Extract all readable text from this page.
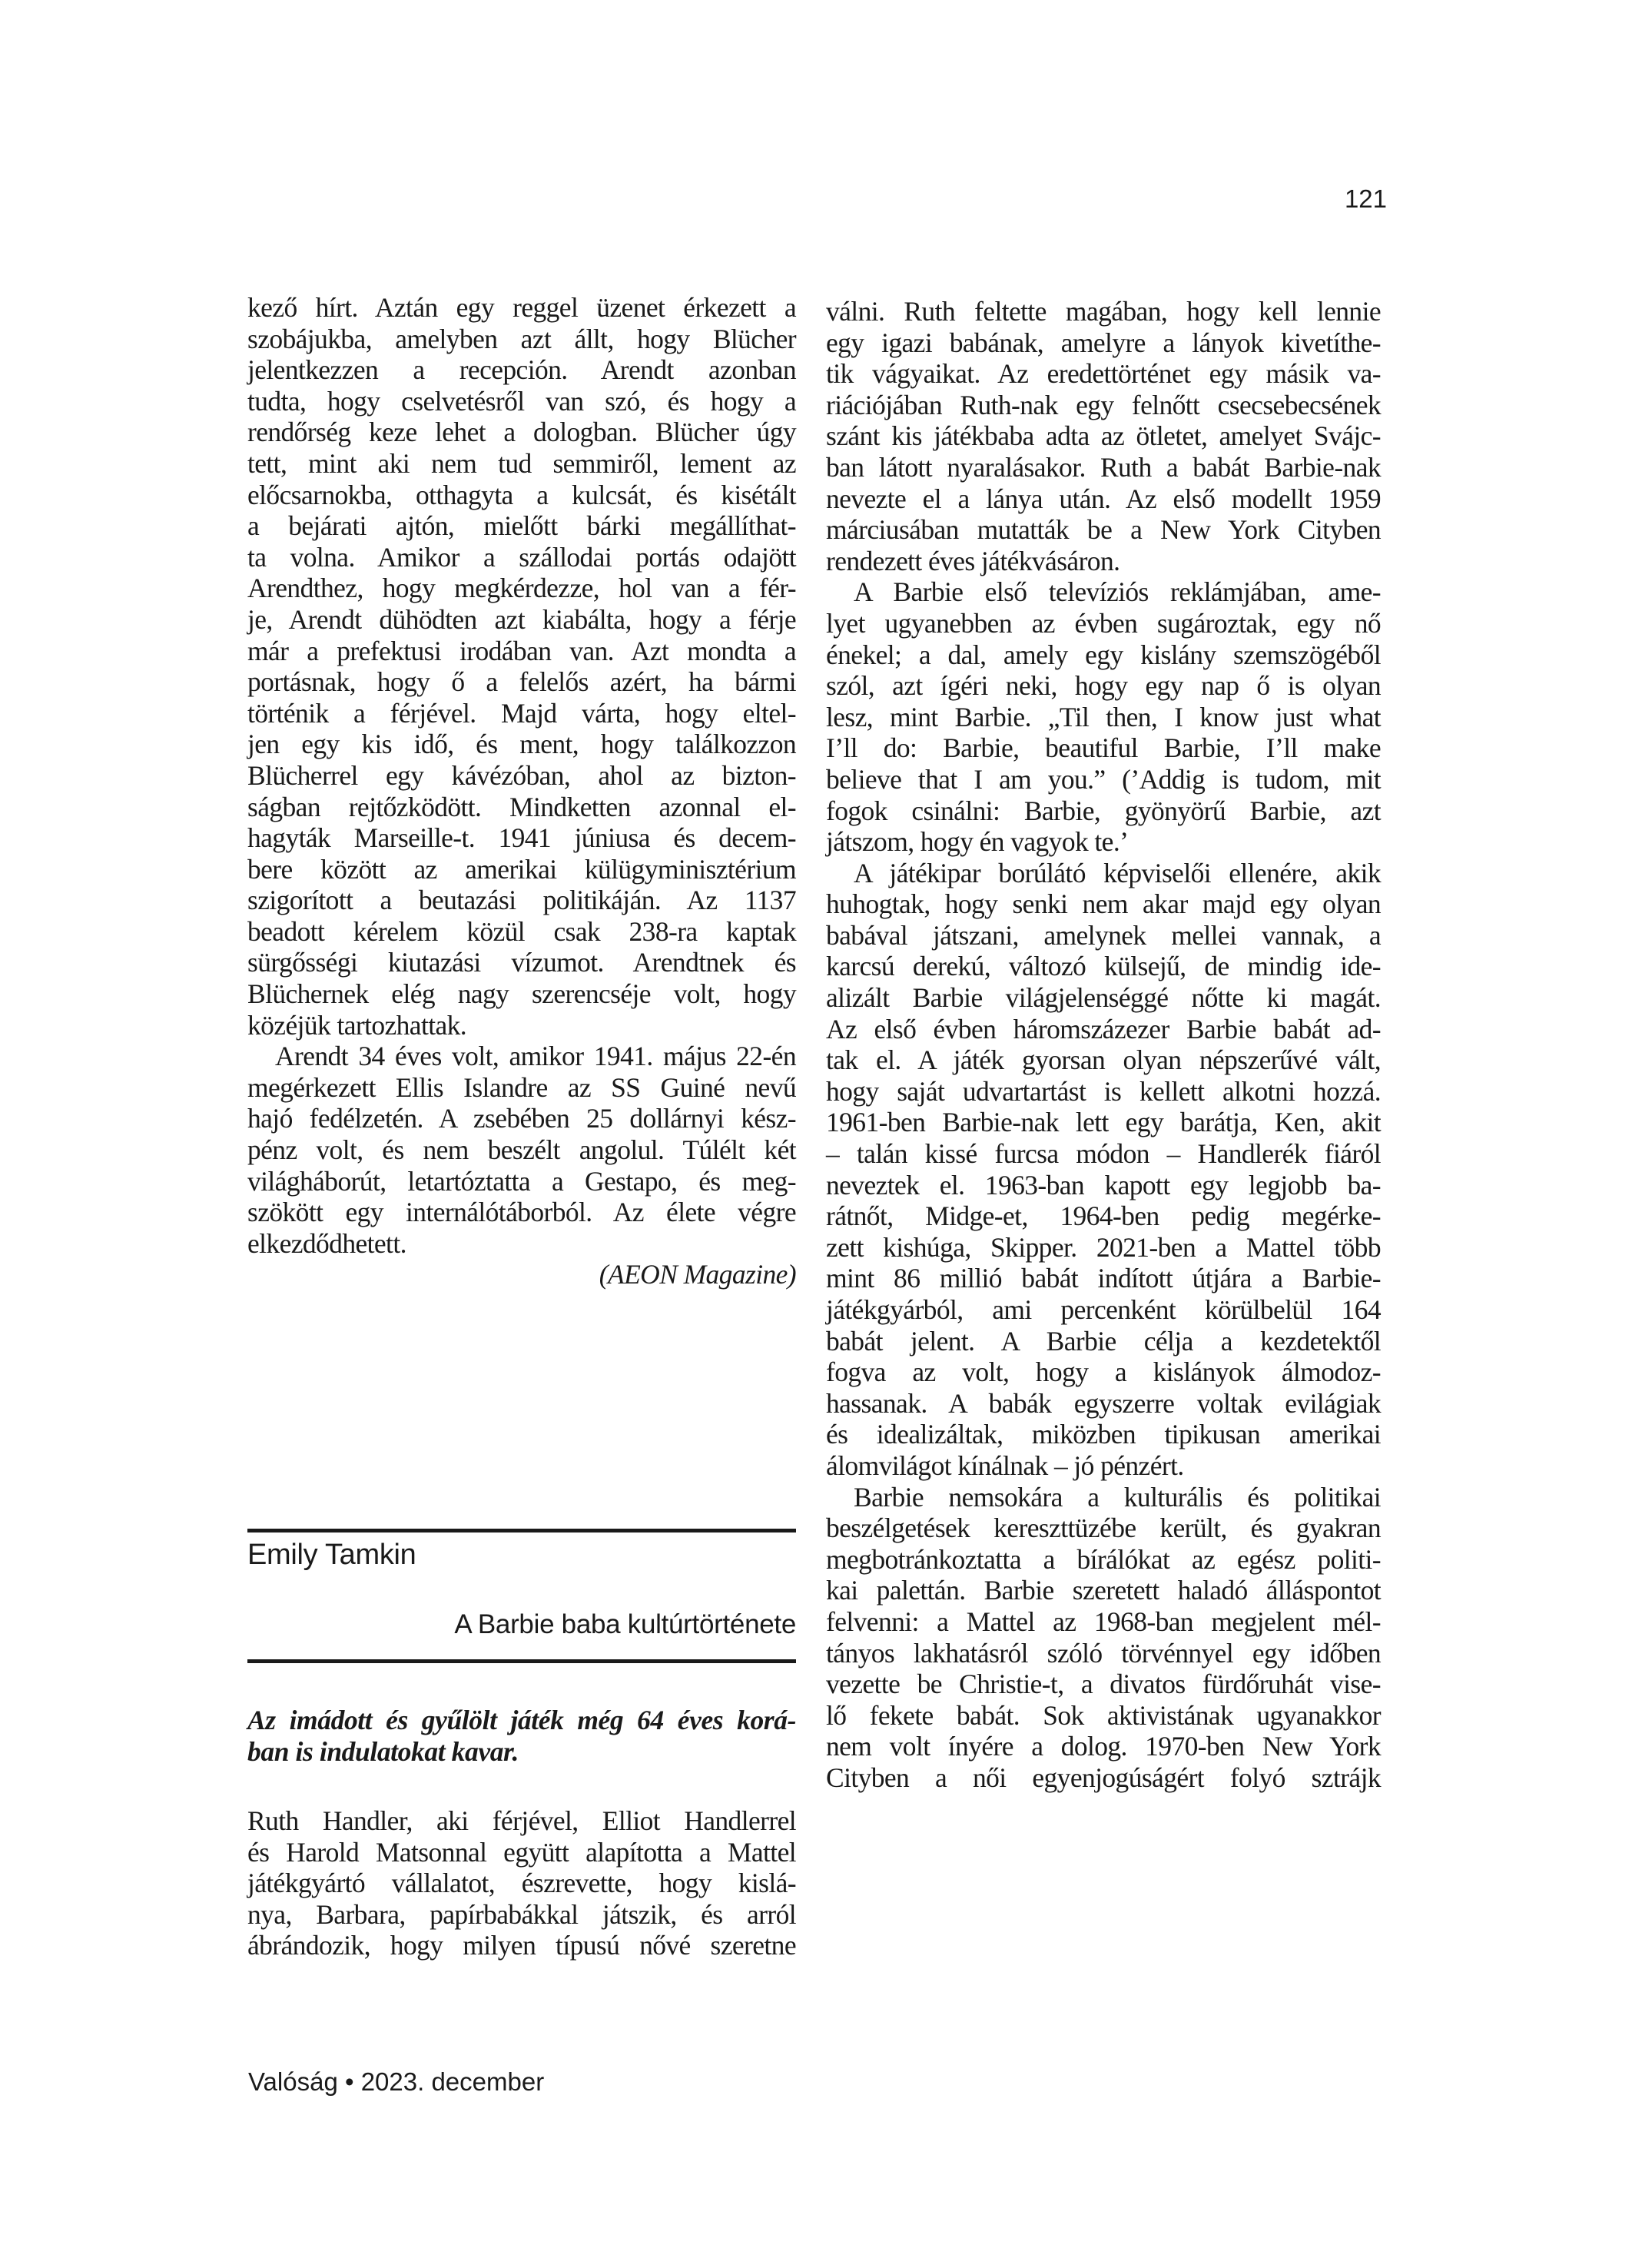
121
kező hírt. Aztán egy reggel üzenet érkezett a
szobájukba, amelyben azt állt, hogy Blücher
jelentkezzen a recepción. Arendt azonban
tudta, hogy cselvetésről van szó, és hogy a
rendőrség keze lehet a dologban. Blücher úgy
tett, mint aki nem tud semmiről, lement az
előcsarnokba, otthagyta a kulcsát, és kisétált
a bejárati ajtón, mielőtt bárki megállíthat-
ta volna. Amikor a szállodai portás odajött
Arendthez, hogy megkérdezze, hol van a fér-
je, Arendt dühödten azt kiabálta, hogy a férje
már a prefektusi irodában van. Azt mondta a
portásnak, hogy ő a felelős azért, ha bármi
történik a férjével. Majd várta, hogy eltel-
jen egy kis idő, és ment, hogy találkozzon
Blücherrel egy kávézóban, ahol az bizton-
ságban rejtőzködött. Mindketten azonnal el-
hagyták Marseille-t. 1941 júniusa és decem-
bere között az amerikai külügyminisztérium
szigorított a beutazási politikáján. Az 1137
beadott kérelem közül csak 238-ra kaptak
sürgősségi kiutazási vízumot. Arendtnek és
Blüchernek elég nagy szerencséje volt, hogy
közéjük tartozhattak.
Arendt 34 éves volt, amikor 1941. május 22-én
megérkezett Ellis Islandre az SS Guiné nevű
hajó fedélzetén. A zsebében 25 dollárnyi kész-
pénz volt, és nem beszélt angolul. Túlélt két
világháborút, letartóztatta a Gestapo, és meg-
szökött egy internálótáborból. Az élete végre
elkezdődhetett.
(AEON Magazine)
Emily Tamkin
A Barbie baba kultúrtörténete
Az imádott és gyűlölt játék még 64 éves korá-
ban is indulatokat kavar.
Ruth Handler, aki férjével, Elliot Handlerrel
és Harold Matsonnal együtt alapította a Mattel
játékgyártó vállalatot, észrevette, hogy kislá-
nya, Barbara, papírbabákkal játszik, és arról
ábrándozik, hogy milyen típusú nővé szeretne
válni. Ruth feltette magában, hogy kell lennie
egy igazi babának, amelyre a lányok kivetíthe-
tik vágyaikat. Az eredettörténet egy másik va-
riációjában Ruth-nak egy felnőtt csecsebecsének
szánt kis játékbaba adta az ötletet, amelyet Svájc-
ban látott nyaralásakor. Ruth a babát Barbie-nak
nevezte el a lánya után. Az első modellt 1959
márciusában mutatták be a New York Cityben
rendezett éves játékvásáron.
A Barbie első televíziós reklámjában, ame-
lyet ugyanebben az évben sugároztak, egy nő
énekel; a dal, amely egy kislány szemszögéből
szól, azt ígéri neki, hogy egy nap ő is olyan
lesz, mint Barbie. „Til then, I know just what
I’ll do: Barbie, beautiful Barbie, I’ll make
believe that I am you.” (’Addig is tudom, mit
fogok csinálni: Barbie, gyönyörű Barbie, azt
játszom, hogy én vagyok te.’
A játékipar borúlátó képviselői ellenére, akik
huhogtak, hogy senki nem akar majd egy olyan
babával játszani, amelynek mellei vannak, a
karcsú derekú, változó külsejű, de mindig ide-
alizált Barbie világjelenséggé nőtte ki magát.
Az első évben háromszázezer Barbie babát ad-
tak el. A játék gyorsan olyan népszerűvé vált,
hogy saját udvartartást is kellett alkotni hozzá.
1961-ben Barbie-nak lett egy barátja, Ken, akit
– talán kissé furcsa módon – Handlerék fiáról
neveztek el. 1963-ban kapott egy legjobb ba-
rátnőt, Midge-et, 1964-ben pedig megérke-
zett kishúga, Skipper. 2021-ben a Mattel több
mint 86 millió babát indított útjára a Barbie-
játékgyárból, ami percenként körülbelül 164
babát jelent. A Barbie célja a kezdetektől
fogva az volt, hogy a kislányok álmodoz-
hassanak. A babák egyszerre voltak evilágiak
és idealizáltak, miközben tipikusan amerikai
álomvilágot kínálnak – jó pénzért.
Barbie nemsokára a kulturális és politikai
beszélgetések kereszttüzébe került, és gyakran
megbotránkoztatta a bírálókat az egész politi-
kai palettán. Barbie szeretett haladó álláspontot
felvenni: a Mattel az 1968-ban megjelent mél-
tányos lakhatásról szóló törvénnyel egy időben
vezette be Christie-t, a divatos fürdőruhát vise-
lő fekete babát. Sok aktivistának ugyanakkor
nem volt ínyére a dolog. 1970-ben New York
Cityben a női egyenjogúságért folyó sztrájk
Valóság • 2023. december
